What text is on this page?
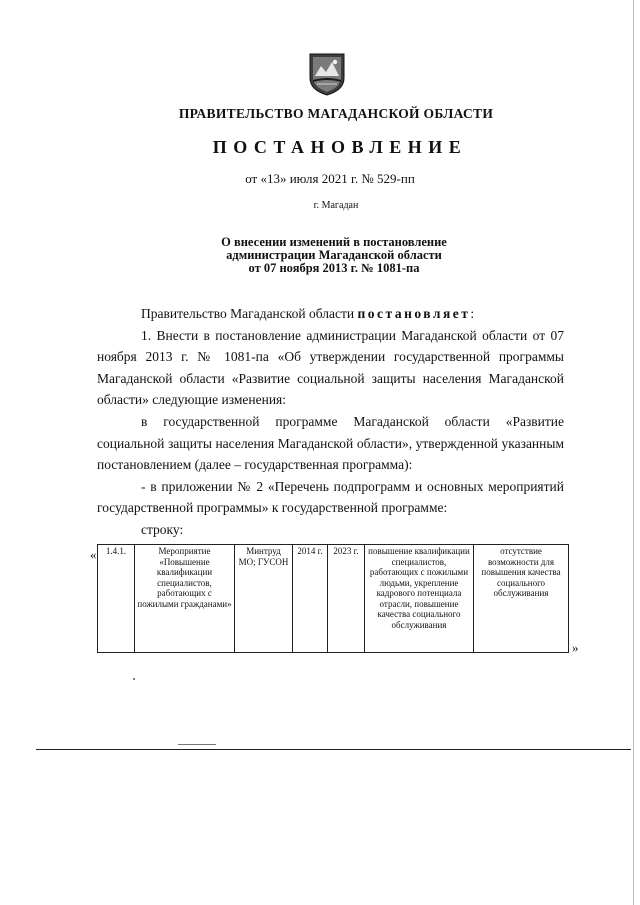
ПРАВИТЕЛЬСТВО МАГАДАНСКОЙ ОБЛАСТИ
ПОСТАНОВЛЕНИЕ
от «13» июля 2021 г. № 529-пп
г. Магадан
О внесении изменений в постановление
администрации Магаданской области
от 07 ноября 2013 г. № 1081-па

Правительство Магаданской области постановляет:

1. Внести в постановление администрации Магаданской области от 07 ноября 2013 г. № 1081-па «Об утверждении государственной программы Магаданской области «Развитие социальной защиты населения Магаданской области» следующие изменения:

в государственной программе Магаданской области «Развитие социальной защиты населения Магаданской области», утвержденной указанным постановлением (далее – государственная программа):

- в приложении № 2 «Перечень подпрограмм и основных мероприятий государственной программы» к государственной программе:

строку:

« 1.4.1.	Мероприятие «Повышение квалификации специалистов, работающих с пожилыми гражданами»	Минтруд МО; ГУСОН	2014 г.	2023 г.	повышение квалификации специалистов, работающих с пожилыми людьми, укрепление кадрового потенциала отрасли, повышение качества социального обслуживания	отсутствие возможности для повышения качества социального обслуживания
»
